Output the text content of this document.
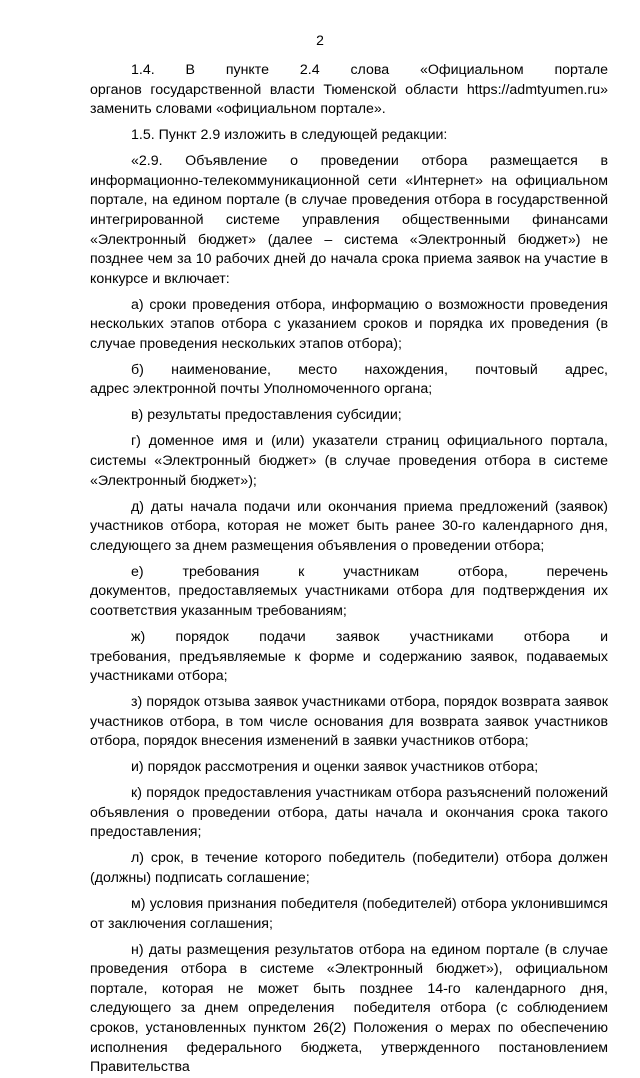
2

1.4.     В     пункте     2.4     слова     «Официальном     портале     органов государственной власти Тюменской области https://admtyumen.ru» заменить словами «официальном портале».

1.5. Пункт 2.9 изложить в следующей редакции:

«2.9. Объявление о проведении отбора размещается в информационно-телекоммуникационной сети «Интернет» на официальном портале, на едином портале (в случае проведения отбора в государственной интегрированной системе управления общественными финансами «Электронный бюджет» (далее – система «Электронный бюджет») не позднее чем за 10 рабочих дней до начала срока приема заявок на участие в конкурсе и включает:

а) сроки проведения отбора, информацию о возможности проведения нескольких этапов отбора с указанием сроков и порядка их проведения (в случае проведения нескольких этапов отбора);

б)     наименование,     место     нахождения,     почтовый     адрес,     адрес электронной почты Уполномоченного органа;

в) результаты предоставления субсидии;

г) доменное имя и (или) указатели страниц официального портала, системы «Электронный бюджет» (в случае проведения отбора в системе «Электронный бюджет»);

д) даты начала подачи или окончания приема предложений (заявок) участников отбора, которая не может быть ранее 30-го календарного дня, следующего за днем размещения объявления о проведении отбора;

е)     требования     к     участникам     отбора,     перечень     документов, предоставляемых участниками отбора для подтверждения их соответствия указанным требованиям;

ж)     порядок     подачи     заявок     участниками     отбора     и     требования, предъявляемые к форме и содержанию заявок, подаваемых участниками отбора;

з) порядок отзыва заявок участниками отбора, порядок возврата заявок участников отбора, в том числе основания для возврата заявок участников отбора, порядок внесения изменений в заявки участников отбора;

и) порядок рассмотрения и оценки заявок участников отбора;

к) порядок предоставления участникам отбора разъяснений положений объявления о проведении отбора, даты начала и окончания срока такого предоставления;

л) срок, в течение которого победитель (победители) отбора должен (должны) подписать соглашение;

м) условия признания победителя (победителей) отбора уклонившимся от заключения соглашения;

н) даты размещения результатов отбора на едином портале (в случае проведения отбора в системе «Электронный бюджет»), официальном портале, которая не может быть позднее 14-го календарного дня, следующего за днем определения  победителя отбора (с соблюдением сроков, установленных пунктом 26(2) Положения о мерах по обеспечению исполнения федерального бюджета, утвержденного постановлением Правительства
